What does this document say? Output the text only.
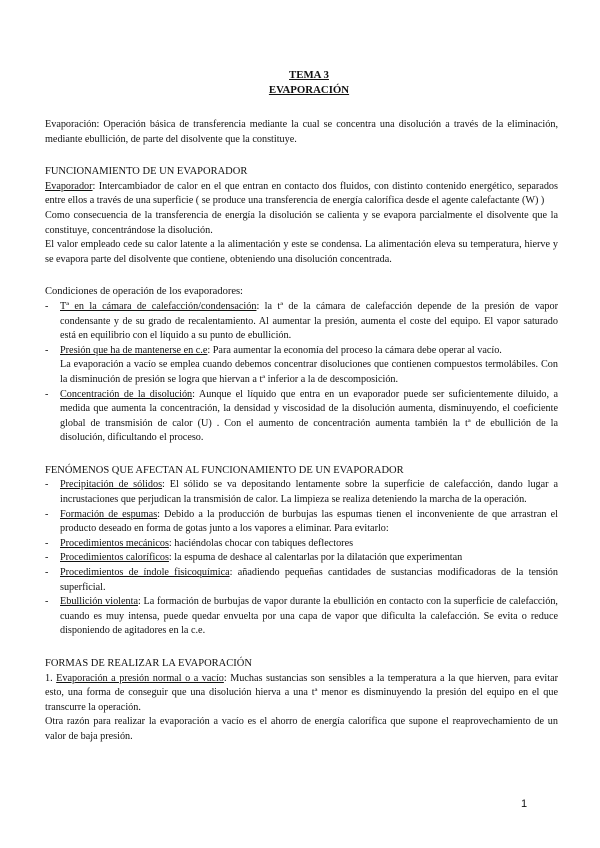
TEMA 3
EVAPORACIÓN

Evaporación: Operación básica de transferencia mediante la cual se concentra una disolución a través de la eliminación, mediante ebullición, de parte del disolvente que la constituye.

FUNCIONAMIENTO DE UN EVAPORADOR

Evaporador: Intercambiador de calor en el que entran en contacto dos fluidos, con distinto contenido energético, separados entre ellos a través de una superficie ( se produce una transferencia de energía calorífica desde el agente calefactante (W) )

Como consecuencia de la transferencia de energía la disolución se calienta y se evapora parcialmente el disolvente que la constituye, concentrándose la disolución.

El valor empleado cede su calor latente a la alimentación y este se condensa. La alimentación eleva su temperatura, hierve y se evapora parte del disolvente que contiene, obteniendo una disolución concentrada.

Condiciones de operación de los evaporadores:

- Tª en la cámara de calefacción/condensación: la tª de la cámara de calefacción depende de la presión de vapor condensante y de su grado de recalentamiento. Al aumentar la presión, aumenta el coste del equipo. El vapor saturado está en equilibrio con el líquido a su punto de ebullición.

- Presión que ha de mantenerse en c.e: Para aumentar la economía del proceso la cámara debe operar al vacío.

La evaporación a vacío se emplea cuando debemos concentrar disoluciones que contienen compuestos termolábiles. Con la disminución de presión se logra que hiervan a tª inferior a la de descomposición.

- Concentración de la disolución: Aunque el líquido que entra en un evaporador puede ser suficientemente diluido, a medida que aumenta la concentración, la densidad y viscosidad de la disolución aumenta, disminuyendo, el coeficiente global de transmisión de calor (U) . Con el aumento de concentración aumenta también la tª de ebullición de la disolución, dificultando el proceso.

FENÓMENOS QUE AFECTAN AL FUNCIONAMIENTO DE UN EVAPORADOR

- Precipitación de sólidos: El sólido se va depositando lentamente sobre la superficie de calefacción, dando lugar a incrustaciones que perjudican la transmisión de calor. La limpieza se realiza deteniendo la marcha de la operación.

- Formación de espumas: Debido a la producción de burbujas las espumas tienen el inconveniente de que arrastran el producto deseado en forma de gotas junto a los vapores a eliminar. Para evitarlo:

- Procedimientos mecánicos: haciéndolas chocar con tabiques deflectores

- Procedimientos caloríficos: la espuma de deshace al calentarlas por la dilatación que experimentan

- Procedimientos de índole fisicoquímica: añadiendo pequeñas cantidades de sustancias modificadoras de la tensión superficial.

- Ebullición violenta: La formación de burbujas de vapor durante la ebullición en contacto con la superficie de calefacción, cuando es muy intensa, puede quedar envuelta por una capa de vapor que dificulta la calefacción. Se evita o reduce disponiendo de agitadores en la c.e.

FORMAS DE REALIZAR LA EVAPORACIÓN

1. Evaporación a presión normal o a vacío: Muchas sustancias son sensibles a la temperatura a la que hierven, para evitar esto, una forma de conseguir que una disolución hierva a una tª menor es disminuyendo la presión del equipo en el que transcurre la operación.

Otra razón para realizar la evaporación a vacío es el ahorro de energía calorífica que supone el reaprovechamiento de un valor de baja presión.

1
